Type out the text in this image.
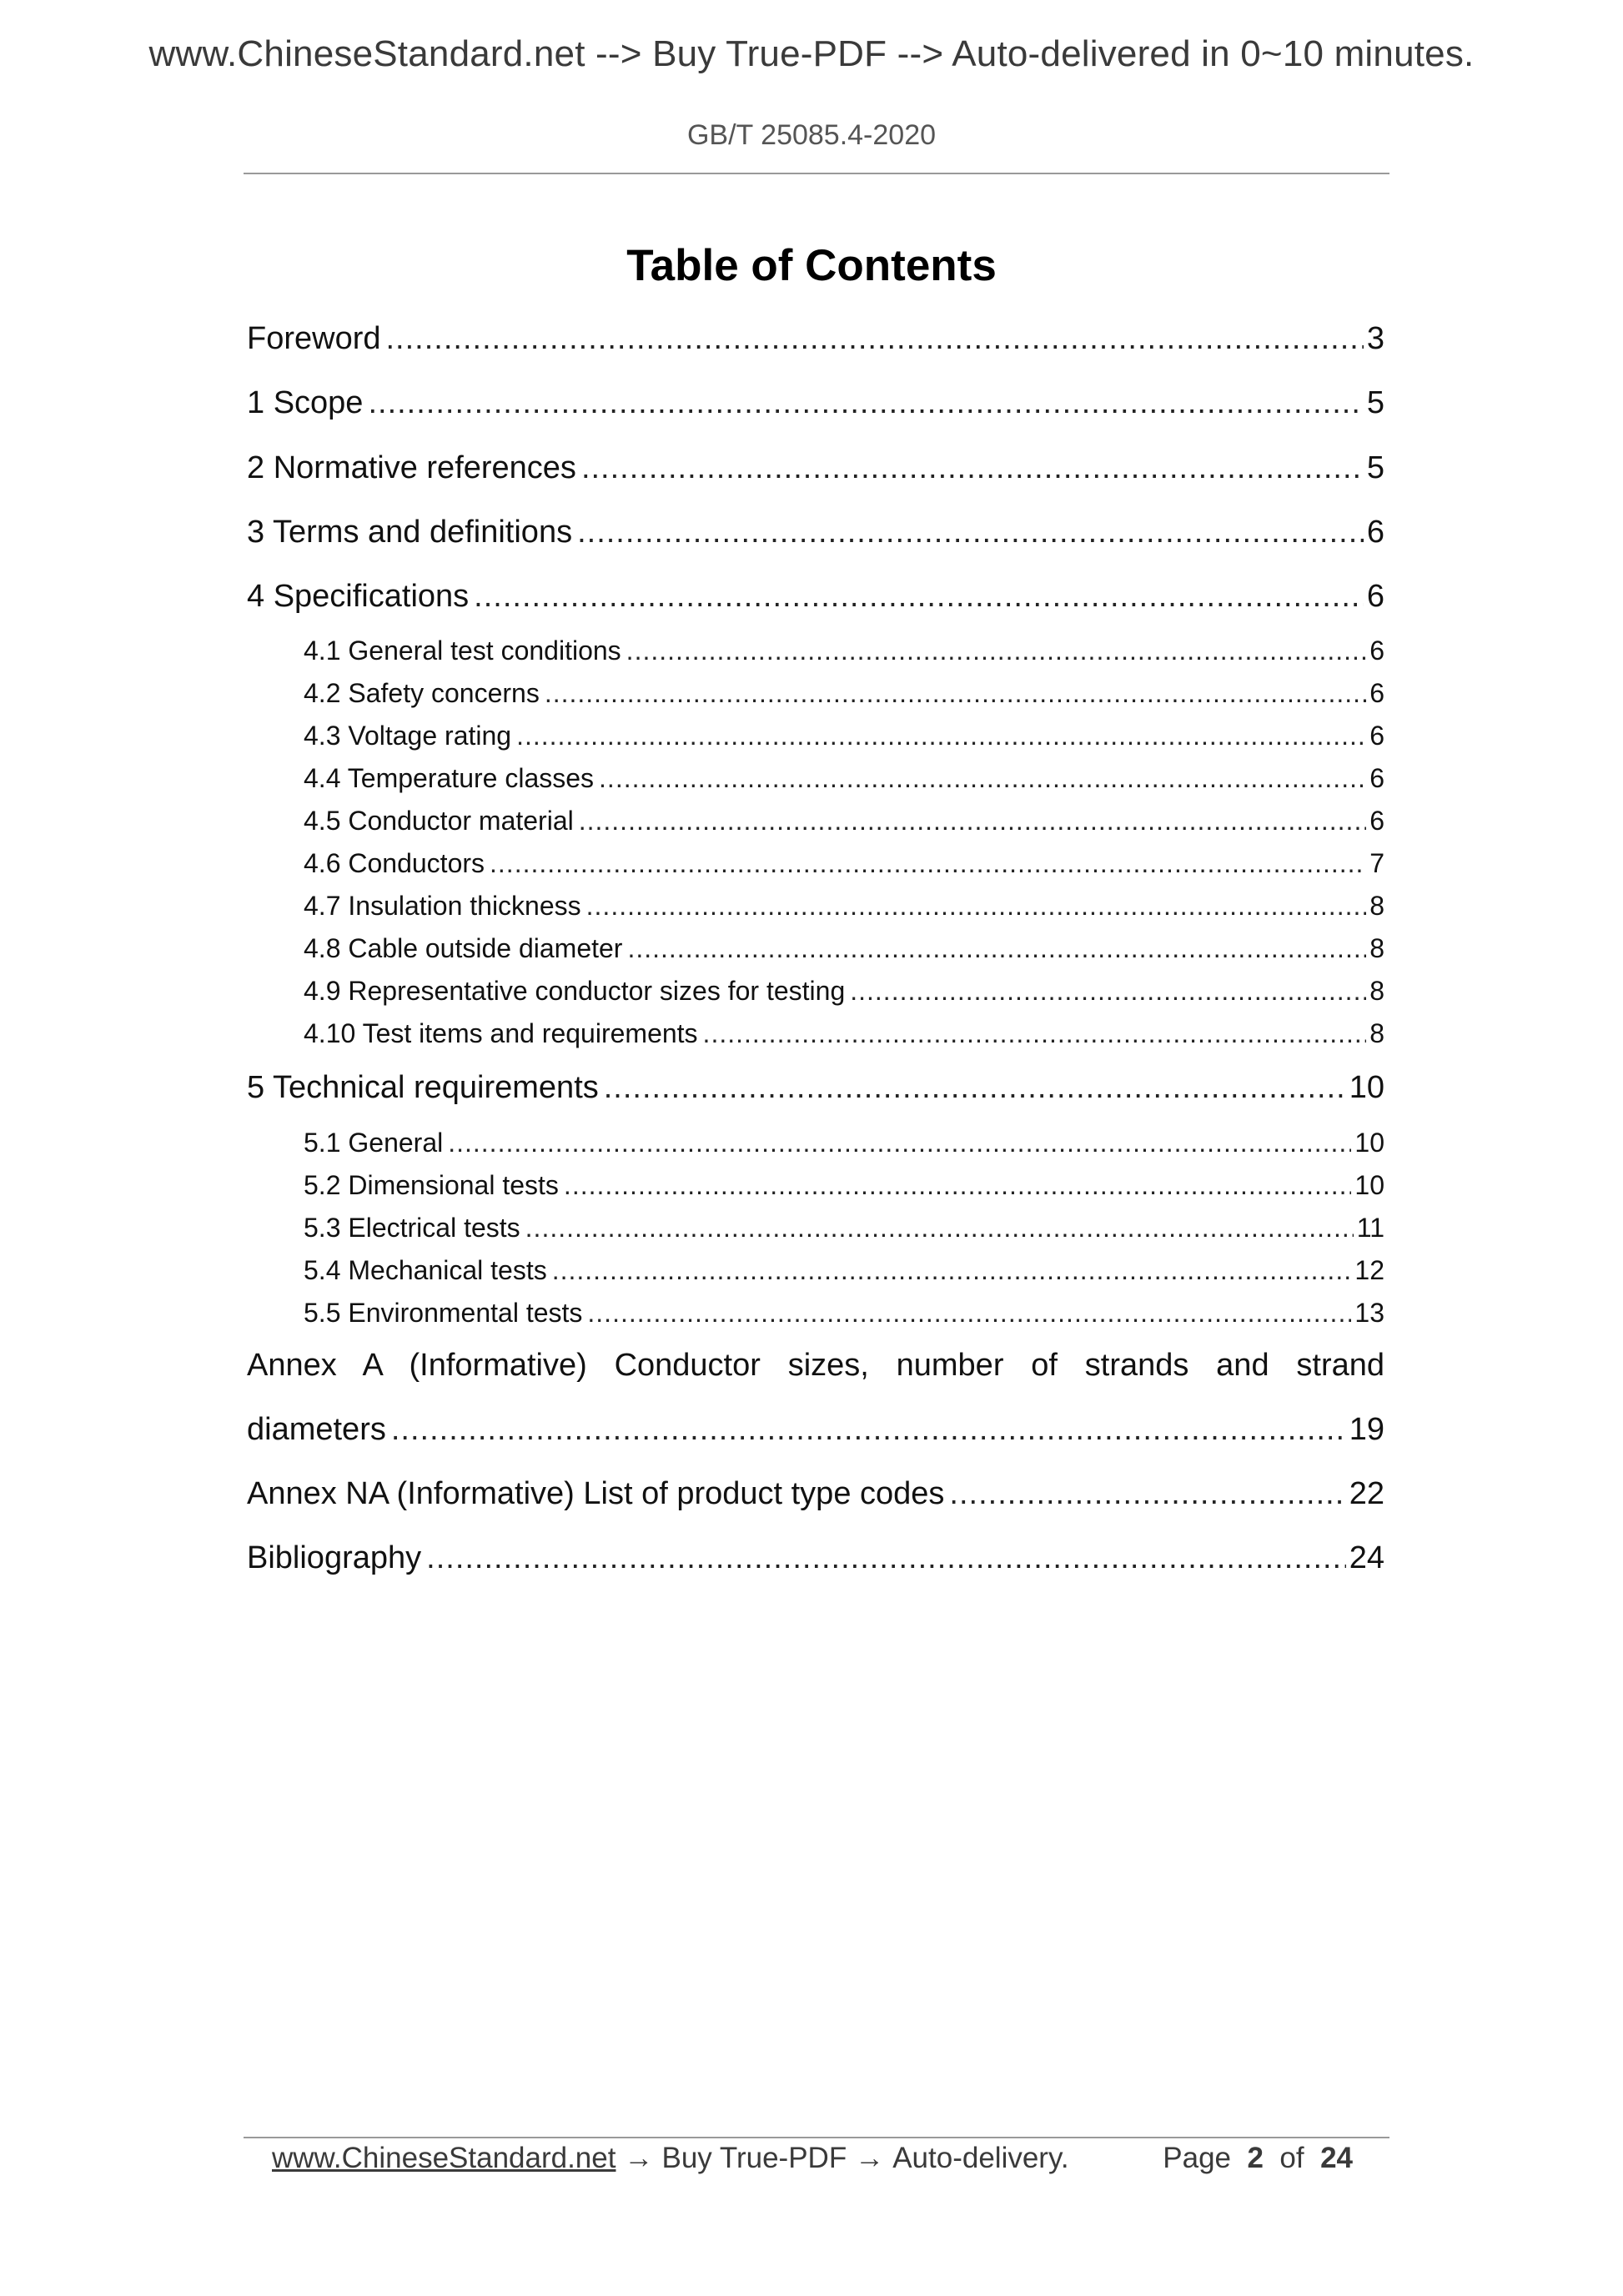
www.ChineseStandard.net --> Buy True-PDF --> Auto-delivered in 0~10 minutes.
GB/T 25085.4-2020
Table of Contents
Foreword .....	3
1 Scope .....	5
2 Normative references .....	5
3 Terms and definitions .....	6
4 Specifications .....	6
4.1 General test conditions .....	6
4.2 Safety concerns .....	6
4.3 Voltage rating .....	6
4.4 Temperature classes .....	6
4.5 Conductor material .....	6
4.6 Conductors .....	7
4.7 Insulation thickness .....	8
4.8 Cable outside diameter .....	8
4.9 Representative conductor sizes for testing .....	8
4.10 Test items and requirements .....	8
5 Technical requirements .....	10
5.1 General .....	10
5.2 Dimensional tests .....	10
5.3 Electrical tests .....	11
5.4 Mechanical tests .....	12
5.5 Environmental tests .....	13
Annex A (Informative) Conductor sizes, number of strands and strand
diameters .....	19
Annex NA (Informative) List of product type codes .....	22
Bibliography .....	24
www.ChineseStandard.net → Buy True-PDF → Auto-delivery.	Page 2 of 24
